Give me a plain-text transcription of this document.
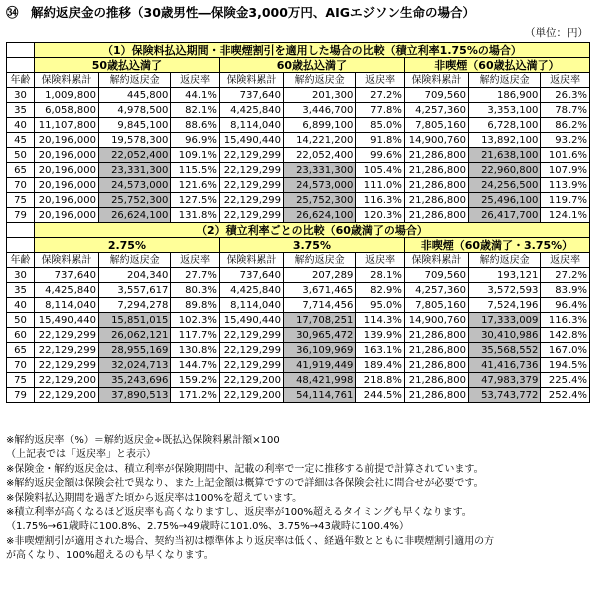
㉞　解約返戻金の推移（30歳男性―保険金3,000万円、AIGエジソン生命の場合）
（単位：円）
	（1）保険料払込期間・非喫煙割引を適用した場合の比較（積立利率1.75%の場合）								
	50歳払込満了			60歳払込満了			非喫煙（60歳払込満了）		
年齢	保険料累計	解約返戻金	返戻率	保険料累計	解約返戻金	返戻率	保険料累計	解約返戻金	返戻率
30	1,009,800	445,800	44.1%	737,640	201,300	27.2%	709,560	186,900	26.3%
35	6,058,800	4,978,500	82.1%	4,425,840	3,446,700	77.8%	4,257,360	3,353,100	78.7%
40	11,107,800	9,845,100	88.6%	8,114,040	6,899,100	85.0%	7,805,160	6,728,100	86.2%
45	20,196,000	19,578,300	96.9%	15,490,440	14,221,200	91.8%	14,900,760	13,892,100	93.2%
50	20,196,000	22,052,400	109.1%	22,129,299	22,052,400	99.6%	21,286,800	21,638,100	101.6%
65	20,196,000	23,331,300	115.5%	22,129,299	23,331,300	105.4%	21,286,800	22,960,800	107.9%
70	20,196,000	24,573,000	121.6%	22,129,299	24,573,000	111.0%	21,286,800	24,256,500	113.9%
75	20,196,000	25,752,300	127.5%	22,129,299	25,752,300	116.3%	21,286,800	25,496,100	119.7%
79	20,196,000	26,624,100	131.8%	22,129,299	26,624,100	120.3%	21,286,800	26,417,700	124.1%
	（2）積立利率ごとの比較（60歳満了の場合）								
	2.75%			3.75%			非喫煙（60歳満了・3.75%）		
年齢	保険料累計	解約返戻金	返戻率	保険料累計	解約返戻金	返戻率	保険料累計	解約返戻金	返戻率
30	737,640	204,340	27.7%	737,640	207,289	28.1%	709,560	193,121	27.2%
35	4,425,840	3,557,617	80.3%	4,425,840	3,671,465	82.9%	4,257,360	3,572,593	83.9%
40	8,114,040	7,294,278	89.8%	8,114,040	7,714,456	95.0%	7,805,160	7,524,196	96.4%
50	15,490,440	15,851,015	102.3%	15,490,440	17,708,251	114.3%	14,900,760	17,333,009	116.3%
60	22,129,299	26,062,121	117.7%	22,129,299	30,965,472	139.9%	21,286,800	30,410,986	142.8%
65	22,129,299	28,955,169	130.8%	22,129,299	36,109,969	163.1%	21,286,800	35,568,552	167.0%
70	22,129,299	32,024,713	144.7%	22,129,299	41,919,449	189.4%	21,286,800	41,416,736	194.5%
75	22,129,200	35,243,696	159.2%	22,129,200	48,421,998	218.8%	21,286,800	47,983,379	225.4%
79	22,129,200	37,890,513	171.2%	22,129,200	54,114,761	244.5%	21,286,800	53,743,772	252.4%
※解約返戻率（%）＝解約返戻金÷既払込保険料累計額×100
（上記表では「返戻率」と表示）
※保険金・解約返戻金は、積立利率が保険期間中、記載の利率で一定に推移する前提で計算されています。
※解約返戻金額は保険会社で異なり、また上記金額は概算ですので詳細は各保険会社に問合せが必要です。
※保険料払込期間を過ぎた頃から返戻率は100%を超えています。
※積立利率が高くなるほど返戻率も高くなりますし、返戻率が100%超えるタイミングも早くなります。
（1.75%→61歳時に100.8%、2.75%→49歳時に101.0%、3.75%→43歳時に100.4%）
※非喫煙割引が適用された場合、契約当初は標準体より返戻率は低く、経過年数とともに非喫煙割引適用の方
が高くなり、100%超えるのも早くなります。
